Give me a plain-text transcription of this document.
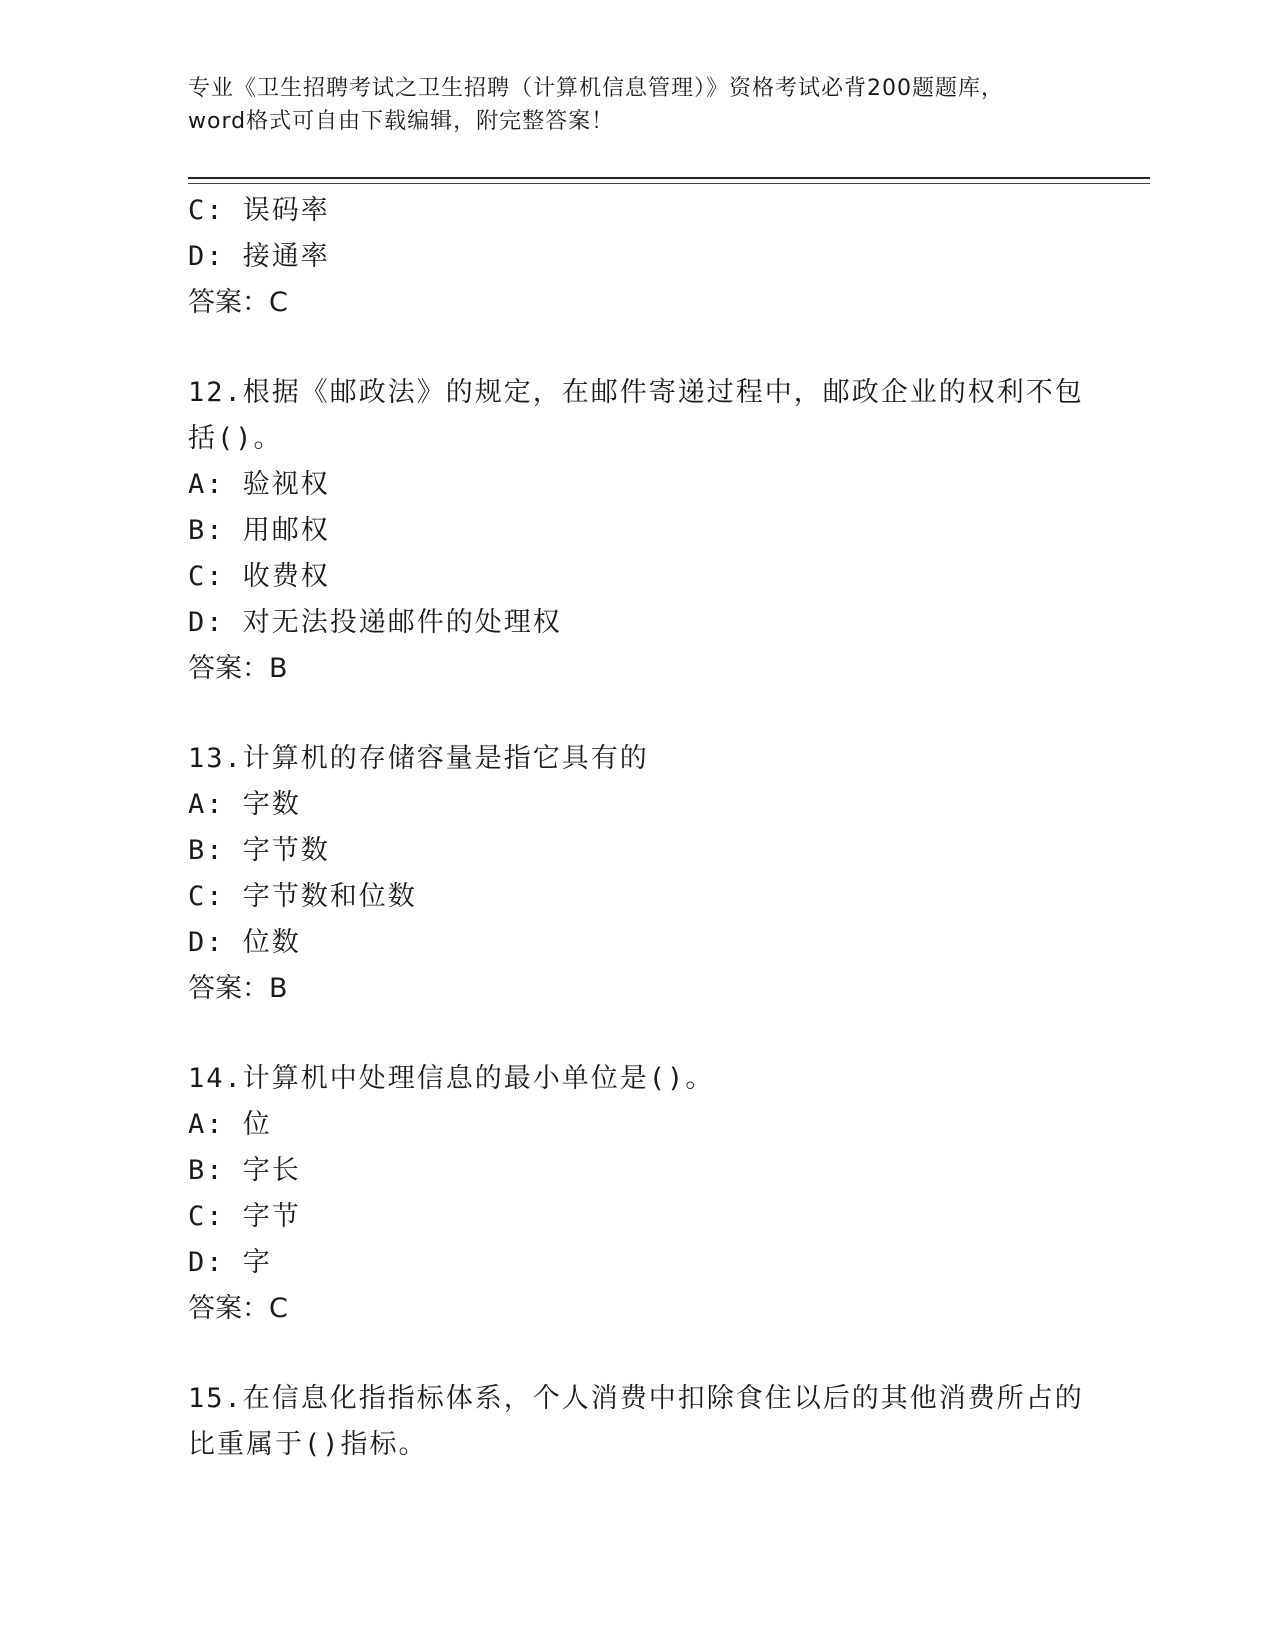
专业《卫生招聘考试之卫生招聘（计算机信息管理）》资格考试必背200题题库，
word格式可自由下载编辑，附完整答案！
C: 误码率
D: 接通率
答案：C
12.根据《邮政法》的规定，在邮件寄递过程中，邮政企业的权利不包
括()。
A: 验视权
B: 用邮权
C: 收费权
D: 对无法投递邮件的处理权
答案：B
13.计算机的存储容量是指它具有的
A: 字数
B: 字节数
C: 字节数和位数
D: 位数
答案：B
14.计算机中处理信息的最小单位是()。
A: 位
B: 字长
C: 字节
D: 字
答案：C
15.在信息化指指标体系，个人消费中扣除食住以后的其他消费所占的
比重属于()指标。
